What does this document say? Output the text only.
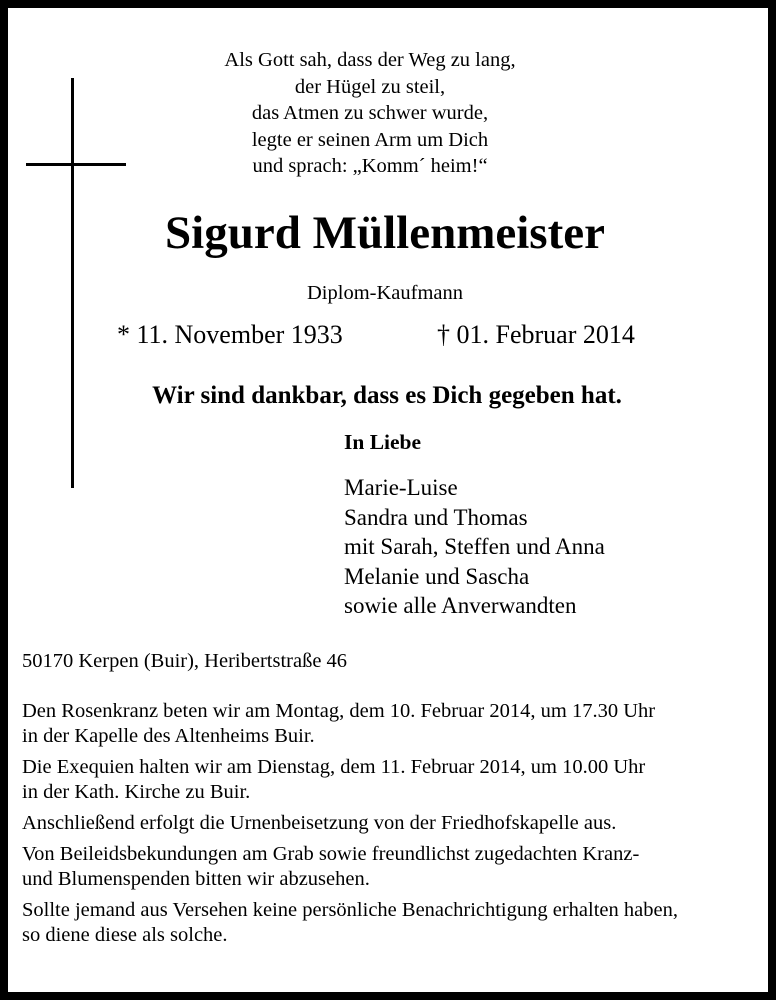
Als Gott sah, dass der Weg zu lang,
der Hügel zu steil,
das Atmen zu schwer wurde,
legte er seinen Arm um Dich
und sprach: „Komm´ heim!“
Sigurd Müllenmeister
Diplom-Kaufmann
* 11. November 1933	† 01. Februar 2014
Wir sind dankbar, dass es Dich gegeben hat.
In Liebe
Marie-Luise
Sandra und Thomas
mit Sarah, Steffen und Anna
Melanie und Sascha
sowie alle Anverwandten
50170 Kerpen (Buir), Heribertstraße 46
Den Rosenkranz beten wir am Montag, dem 10. Februar 2014, um 17.30 Uhr
in der Kapelle des Altenheims Buir.
Die Exequien halten wir am Dienstag, dem 11. Februar 2014, um 10.00 Uhr
in der Kath. Kirche zu Buir.
Anschließend erfolgt die Urnenbeisetzung von der Friedhofskapelle aus.
Von Beileidsbekundungen am Grab sowie freundlichst zugedachten Kranz-
und Blumenspenden bitten wir abzusehen.
Sollte jemand aus Versehen keine persönliche Benachrichtigung erhalten haben,
so diene diese als solche.
